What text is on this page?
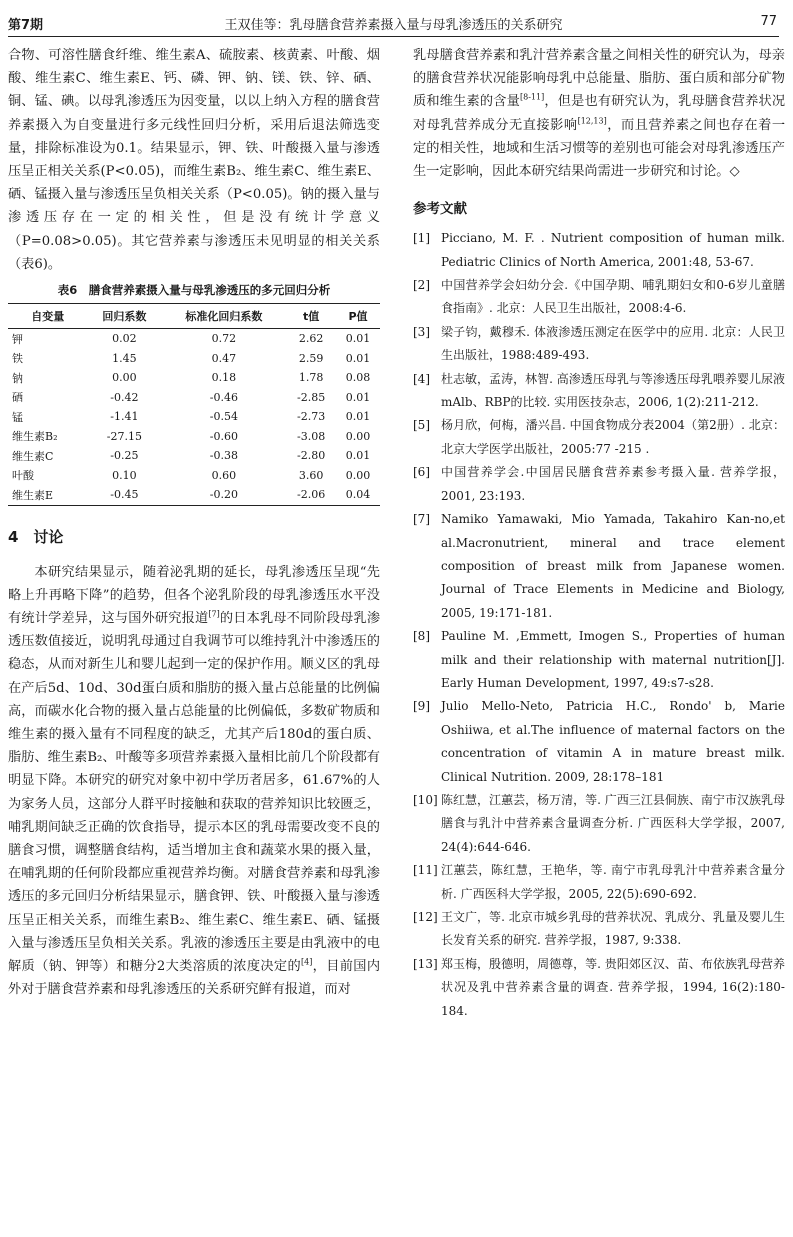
第7期	王双佳等：乳母膳食营养素摄入量与母乳渗透压的关系研究	77

合物、可溶性膳食纤维、维生素A、硫胺素、核黄素、叶酸、烟酸、维生素C、维生素E、钙、磷、钾、钠、镁、铁、锌、硒、铜、锰、碘。以母乳渗透压为因变量，以以上纳入方程的膳食营养素摄入为自变量进行多元线性回归分析，采用后退法筛选变量，排除标准设为0.1。结果显示，钾、铁、叶酸摄入量与渗透压呈正相关关系(P<0.05)，而维生素B₂、维生素C、维生素E、硒、锰摄入量与渗透压呈负相关关系（P<0.05)。钠的摄入量与渗透压存在一定的相关性，但是没有统计学意义（P=0.08>0.05)。其它营养素与渗透压未见明显的相关关系（表6)。

表6　膳食营养素摄入量与母乳渗透压的多元回归分析
自变量	回归系数	标准化回归系数	t值	P值
钾	0.02	0.72	2.62	0.01
铁	1.45	0.47	2.59	0.01
钠	0.00	0.18	1.78	0.08
硒	-0.42	-0.46	-2.85	0.01
锰	-1.41	-0.54	-2.73	0.01
维生素B₂	-27.15	-0.60	-3.08	0.00
维生素C	-0.25	-0.38	-2.80	0.01
叶酸	0.10	0.60	3.60	0.00
维生素E	-0.45	-0.20	-2.06	0.04
4　讨论

本研究结果显示，随着泌乳期的延长，母乳渗透压呈现“先略上升再略下降”的趋势，但各个泌乳阶段的母乳渗透压水平没有统计学差异，这与国外研究报道[7]的日本乳母不同阶段母乳渗透压数值接近，说明乳母通过自我调节可以维持乳汁中渗透压的稳态，从而对新生儿和婴儿起到一定的保护作用。顺义区的乳母在产后5d、10d、30d蛋白质和脂肪的摄入量占总能量的比例偏高，而碳水化合物的摄入量占总能量的比例偏低，多数矿物质和维生素的摄入量有不同程度的缺乏，尤其产后180d的蛋白质、脂肪、维生素B₂、叶酸等多项营养素摄入量相比前几个阶段都有明显下降。本研究的研究对象中初中学历者居多，61.67%的人为家务人员，这部分人群平时接触和获取的营养知识比较匮乏，哺乳期间缺乏正确的饮食指导，提示本区的乳母需要改变不良的膳食习惯，调整膳食结构，适当增加主食和蔬菜水果的摄入量，在哺乳期的任何阶段都应重视营养均衡。对膳食营养素和母乳渗透压的多元回归分析结果显示，膳食钾、铁、叶酸摄入量与渗透压呈正相关关系，而维生素B₂、维生素C、维生素E、硒、锰摄入量与渗透压呈负相关关系。乳液的渗透压主要是由乳液中的电解质（钠、钾等）和糖分2大类溶质的浓度决定的[4]，目前国内外对于膳食营养素和母乳渗透压的关系研究鲜有报道，而对

乳母膳食营养素和乳汁营养素含量之间相关性的研究认为，母亲的膳食营养状况能影响母乳中总能量、脂肪、蛋白质和部分矿物质和维生素的含量[8-11]，但是也有研究认为，乳母膳食营养状况对母乳营养成分无直接影响[12,13]，而且营养素之间也存在着一定的相关性，地域和生活习惯等的差别也可能会对母乳渗透压产生一定影响，因此本研究结果尚需进一步研究和讨论。◇

参考文献
[1] Picciano, M. F. . Nutrient composition of human milk. Pediatric Clinics of North America, 2001:48, 53-67.
[2] 中国营养学会妇幼分会.《中国孕期、哺乳期妇女和0-6岁儿童膳食指南》. 北京：人民卫生出版社，2008:4-6.
[3] 梁子钧，戴穆禾. 体液渗透压测定在医学中的应用. 北京：人民卫生出版社，1988:489-493.
[4] 杜志敏，孟涛，林智. 高渗透压母乳与等渗透压母乳喂养婴儿尿液mAlb、RBP的比较. 实用医技杂志，2006, 1(2):211-212.
[5] 杨月欣，何梅，潘兴昌. 中国食物成分表2004（第2册）. 北京：北京大学医学出版社，2005:77 -215 .
[6] 中国营养学会.中国居民膳食营养素参考摄入量. 营养学报，2001, 23:193.
[7] Namiko Yamawaki, Mio Yamada, Takahiro Kan-no,et al.Macronutrient, mineral and trace element composition of breast milk from Japanese women. Journal of Trace Elements in Medicine and Biology, 2005, 19:171-181.
[8] Pauline M. ,Emmett, Imogen S., Properties of human milk and their relationship with maternal nutrition[J]. Early Human Development, 1997, 49:s7-s28.
[9] Julio Mello-Neto, Patricia H.C., Rondo' b, Marie Oshiiwa, et al.The influence of maternal factors on the concentration of vitamin A in mature breast milk. Clinical Nutrition. 2009, 28:178–181
[10] 陈红慧，江蕙芸，杨万清，等. 广西三江县侗族、南宁市汉族乳母膳食与乳汁中营养素含量调查分析. 广西医科大学学报，2007, 24(4):644-646.
[11] 江蕙芸，陈红慧，王艳华，等. 南宁市乳母乳汁中营养素含量分析. 广西医科大学学报，2005, 22(5):690-692.
[12] 王文广，等. 北京市城乡乳母的营养状况、乳成分、乳量及婴儿生长发育关系的研究. 营养学报，1987, 9:338.
[13] 郑玉梅，殷德明，周德尊，等. 贵阳郊区汉、苗、布依族乳母营养状况及乳中营养素含量的调查. 营养学报，1994, 16(2):180-184.
